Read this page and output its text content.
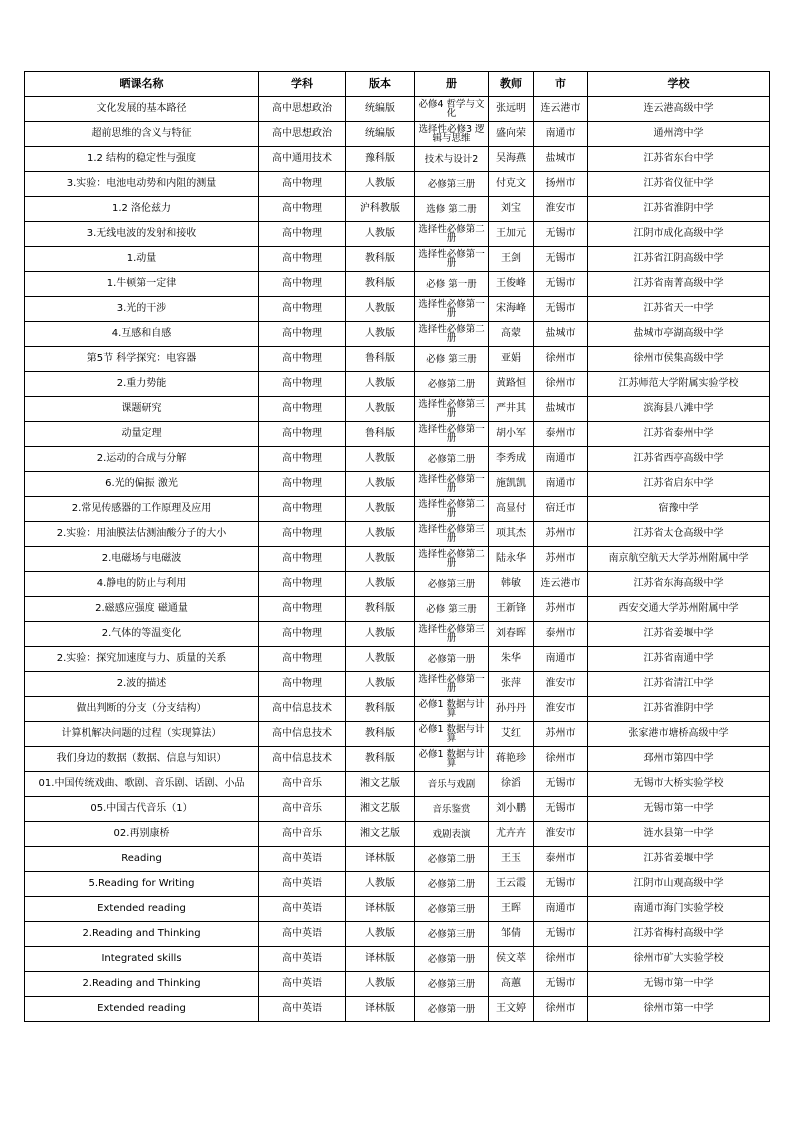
晒课名称	学科	版本	册	教师	市	学校
文化发展的基本路径	高中思想政治	统编版	必修4 哲学与文化	张远明	连云港市	连云港高级中学
超前思维的含义与特征	高中思想政治	统编版	选择性必修3 逻辑与思维	盛向荣	南通市	通州湾中学
1.2 结构的稳定性与强度	高中通用技术	豫科版	技术与设计2	吴海燕	盐城市	江苏省东台中学
3.实验：电池电动势和内阻的测量	高中物理	人教版	必修第三册	付克文	扬州市	江苏省仪征中学
1.2 洛伦兹力	高中物理	沪科教版	选修 第二册	刘宝	淮安市	江苏省淮阴中学
3.无线电波的发射和接收	高中物理	人教版	选择性必修第二册	王加元	无锡市	江阴市成化高级中学
1.动量	高中物理	教科版	选择性必修第一册	王剑	无锡市	江苏省江阴高级中学
1.牛顿第一定律	高中物理	教科版	必修 第一册	王俊峰	无锡市	江苏省南菁高级中学
3.光的干涉	高中物理	人教版	选择性必修第一册	宋海峰	无锡市	江苏省天一中学
4.互感和自感	高中物理	人教版	选择性必修第二册	高蒙	盐城市	盐城市亭湖高级中学
第5节 科学探究：电容器	高中物理	鲁科版	必修 第三册	亚娟	徐州市	徐州市侯集高级中学
2.重力势能	高中物理	人教版	必修第二册	黄路恒	徐州市	江苏师范大学附属实验学校
课题研究	高中物理	人教版	选择性必修第三册	严井其	盐城市	滨海县八滩中学
动量定理	高中物理	鲁科版	选择性必修第一册	胡小军	泰州市	江苏省泰州中学
2.运动的合成与分解	高中物理	人教版	必修第二册	李秀成	南通市	江苏省西亭高级中学
6.光的偏振 激光	高中物理	人教版	选择性必修第一册	施凯凯	南通市	江苏省启东中学
2.常见传感器的工作原理及应用	高中物理	人教版	选择性必修第二册	高显付	宿迁市	宿豫中学
2.实验：用油膜法估测油酸分子的大小	高中物理	人教版	选择性必修第三册	项其杰	苏州市	江苏省太仓高级中学
2.电磁场与电磁波	高中物理	人教版	选择性必修第二册	陆永华	苏州市	南京航空航天大学苏州附属中学
4.静电的防止与利用	高中物理	人教版	必修第三册	韩敏	连云港市	江苏省东海高级中学
2.磁感应强度 磁通量	高中物理	教科版	必修 第三册	王新锋	苏州市	西安交通大学苏州附属中学
2.气体的等温变化	高中物理	人教版	选择性必修第三册	刘春晖	泰州市	江苏省姜堰中学
2.实验：探究加速度与力、质量的关系	高中物理	人教版	必修第一册	朱华	南通市	江苏省南通中学
2.波的描述	高中物理	人教版	选择性必修第一册	张萍	淮安市	江苏省清江中学
做出判断的分支（分支结构）	高中信息技术	教科版	必修1 数据与计算	孙丹丹	淮安市	江苏省淮阴中学
计算机解决问题的过程（实现算法）	高中信息技术	教科版	必修1 数据与计算	艾红	苏州市	张家港市塘桥高级中学
我们身边的数据（数据、信息与知识）	高中信息技术	教科版	必修1 数据与计算	蒋艳珍	徐州市	邳州市第四中学
01.中国传统戏曲、歌剧、音乐剧、话剧、小品	高中音乐	湘文艺版	音乐与戏剧	徐滔	无锡市	无锡市大桥实验学校
05.中国古代音乐（1）	高中音乐	湘文艺版	音乐鉴赏	刘小鹏	无锡市	无锡市第一中学
02.再别康桥	高中音乐	湘文艺版	戏剧表演	尤卉卉	淮安市	涟水县第一中学
Reading	高中英语	译林版	必修第二册	王玉	泰州市	江苏省姜堰中学
5.Reading for Writing	高中英语	人教版	必修第二册	王云霞	无锡市	江阴市山观高级中学
Extended reading	高中英语	译林版	必修第三册	王晖	南通市	南通市海门实验学校
2.Reading and Thinking	高中英语	人教版	必修第三册	邹倩	无锡市	江苏省梅村高级中学
Integrated skills	高中英语	译林版	必修第一册	侯文萃	徐州市	徐州市矿大实验学校
2.Reading and Thinking	高中英语	人教版	必修第三册	高蕙	无锡市	无锡市第一中学
Extended reading	高中英语	译林版	必修第一册	王文婷	徐州市	徐州市第一中学
